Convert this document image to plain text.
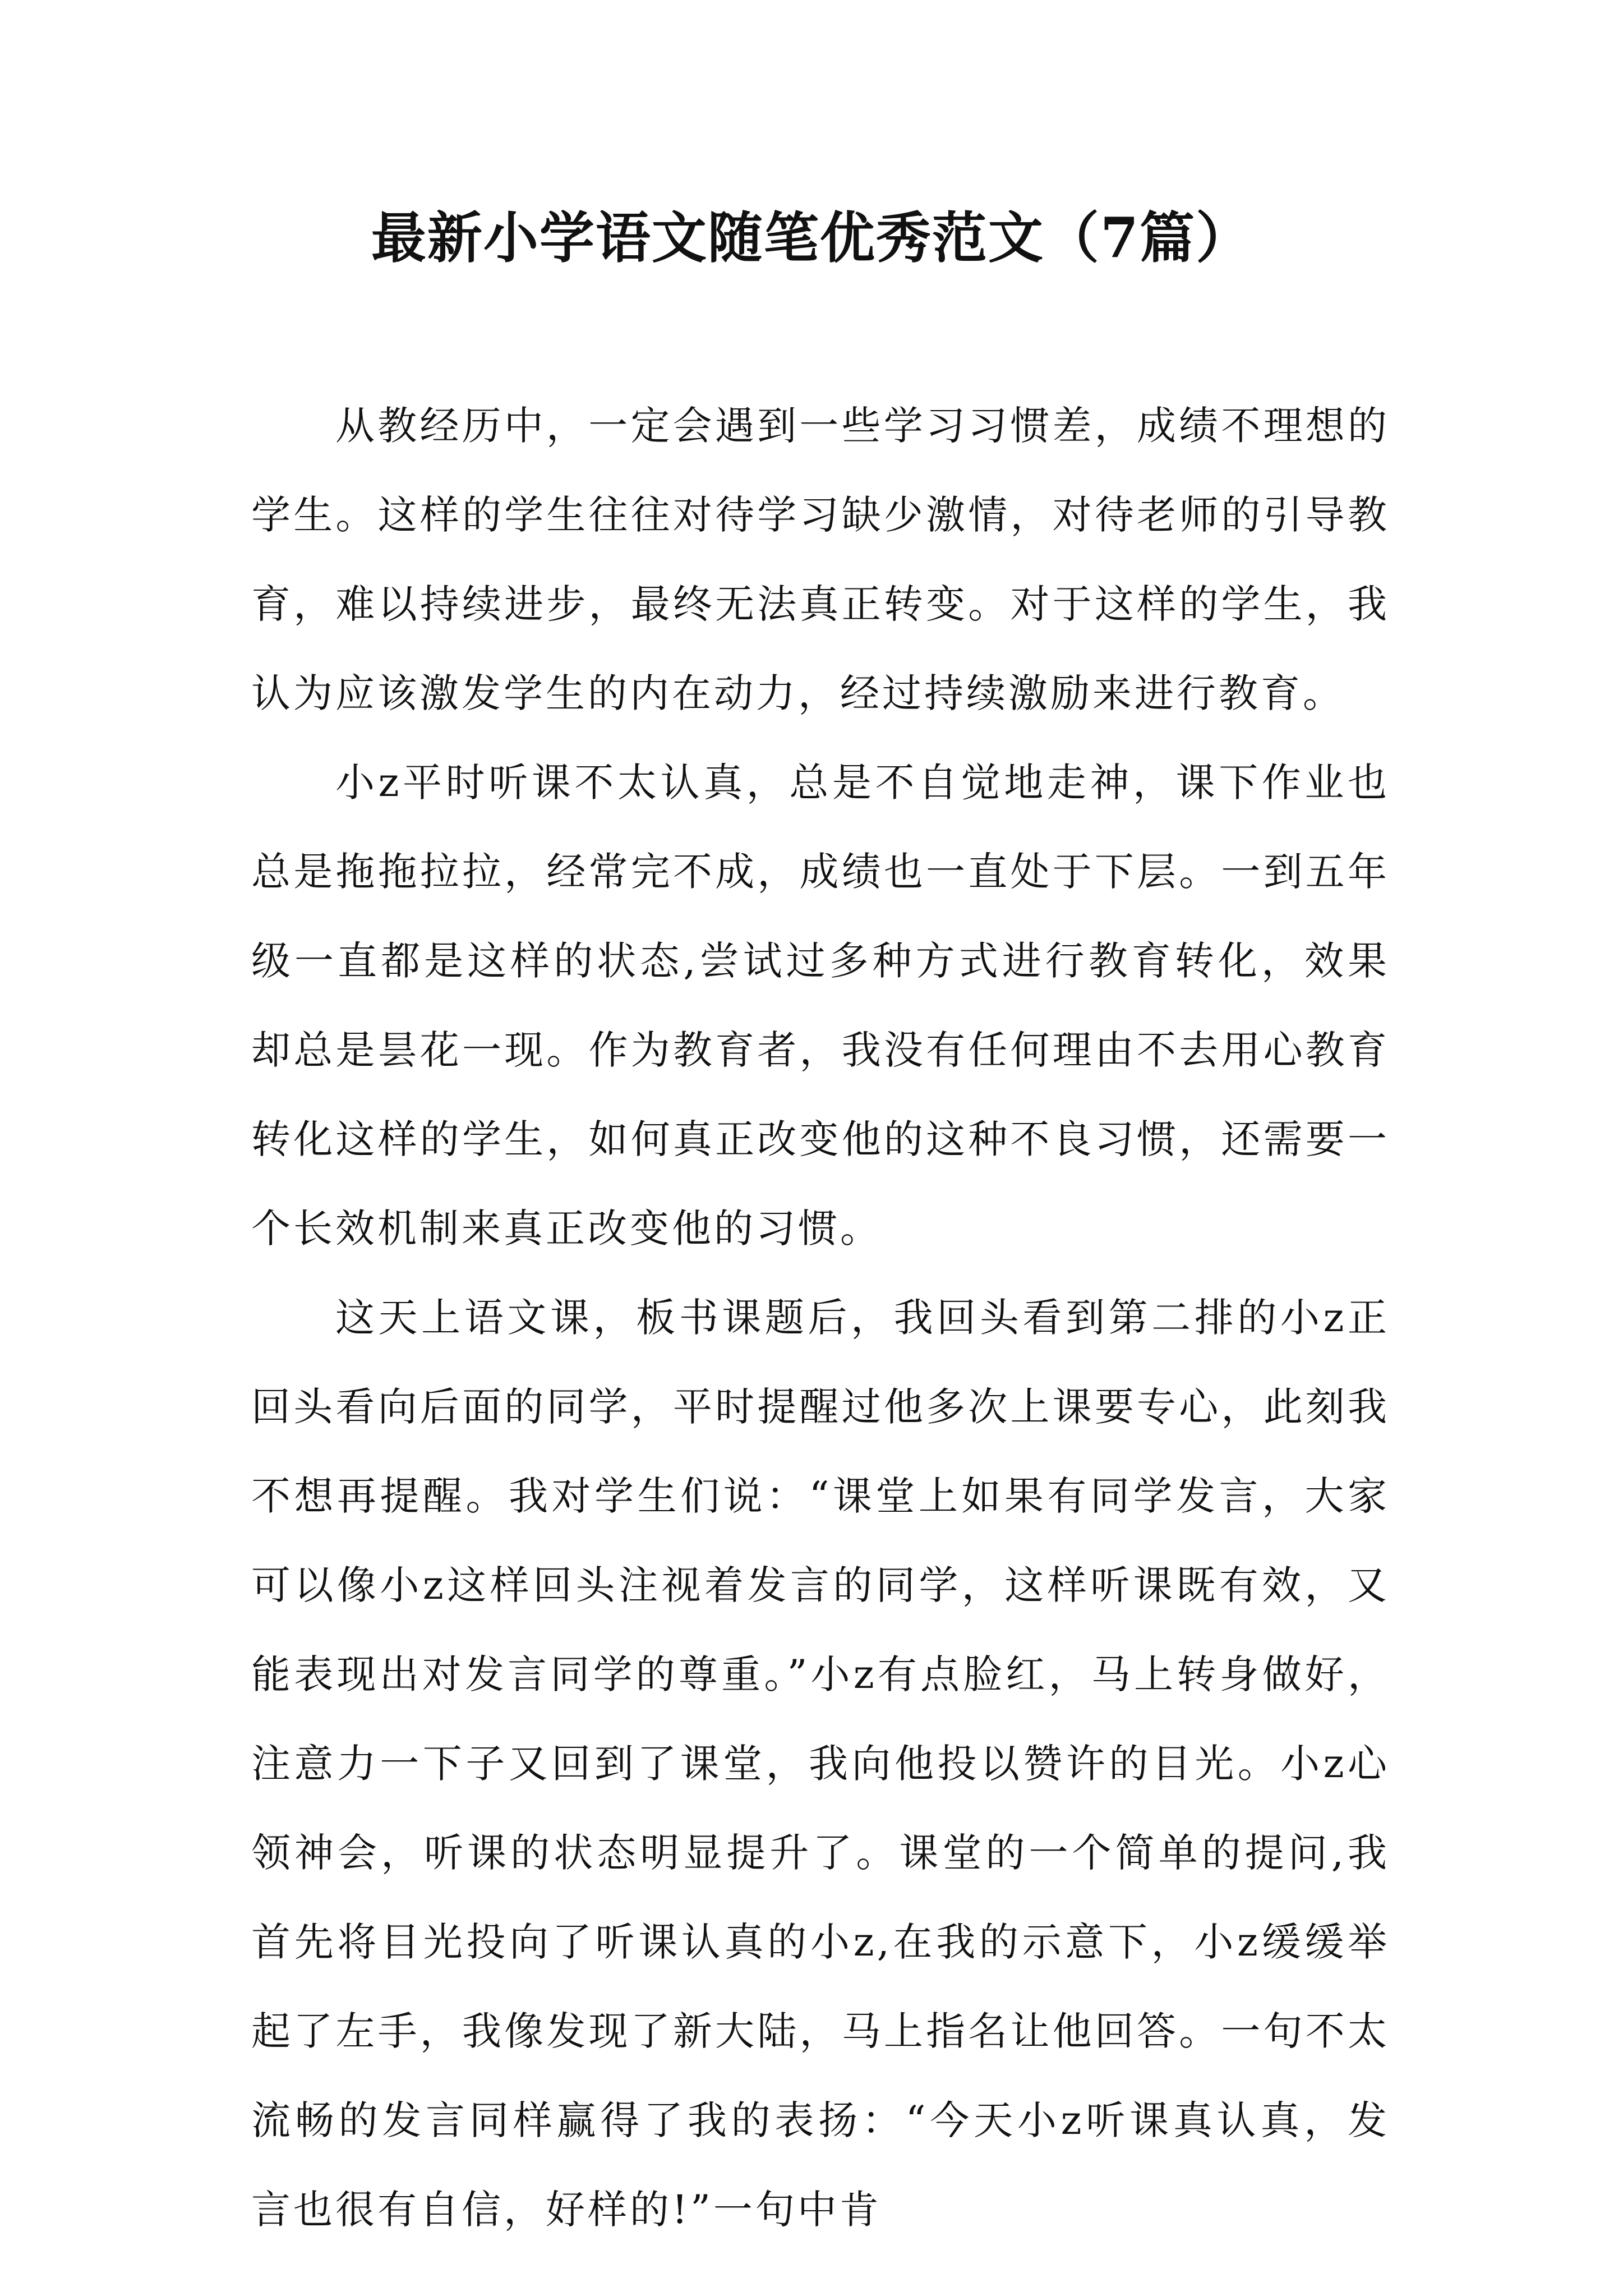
最新小学语文随笔优秀范文（7篇）

从教经历中，一定会遇到一些学习习惯差，成绩不理想的学生。这样的学生往往对待学习缺少激情，对待老师的引导教育，难以持续进步，最终无法真正转变。对于这样的学生，我认为应该激发学生的内在动力，经过持续激励来进行教育。

小z平时听课不太认真，总是不自觉地走神，课下作业也总是拖拖拉拉，经常完不成，成绩也一直处于下层。一到五年级一直都是这样的状态,尝试过多种方式进行教育转化，效果却总是昙花一现。作为教育者，我没有任何理由不去用心教育转化这样的学生，如何真正改变他的这种不良习惯，还需要一个长效机制来真正改变他的习惯。

这天上语文课，板书课题后，我回头看到第二排的小z正回头看向后面的同学，平时提醒过他多次上课要专心，此刻我不想再提醒。我对学生们说：“课堂上如果有同学发言，大家可以像小z这样回头注视着发言的同学，这样听课既有效，又能表现出对发言同学的尊重。”小z有点脸红，马上转身做好，注意力一下子又回到了课堂，我向他投以赞许的目光。小z心领神会，听课的状态明显提升了。课堂的一个简单的提问,我首先将目光投向了听课认真的小z,在我的示意下，小z缓缓举起了左手，我像发现了新大陆，马上指名让他回答。一句不太流畅的发言同样赢得了我的表扬：“今天小z听课真认真，发言也很有自信，好样的!”一句中肯
